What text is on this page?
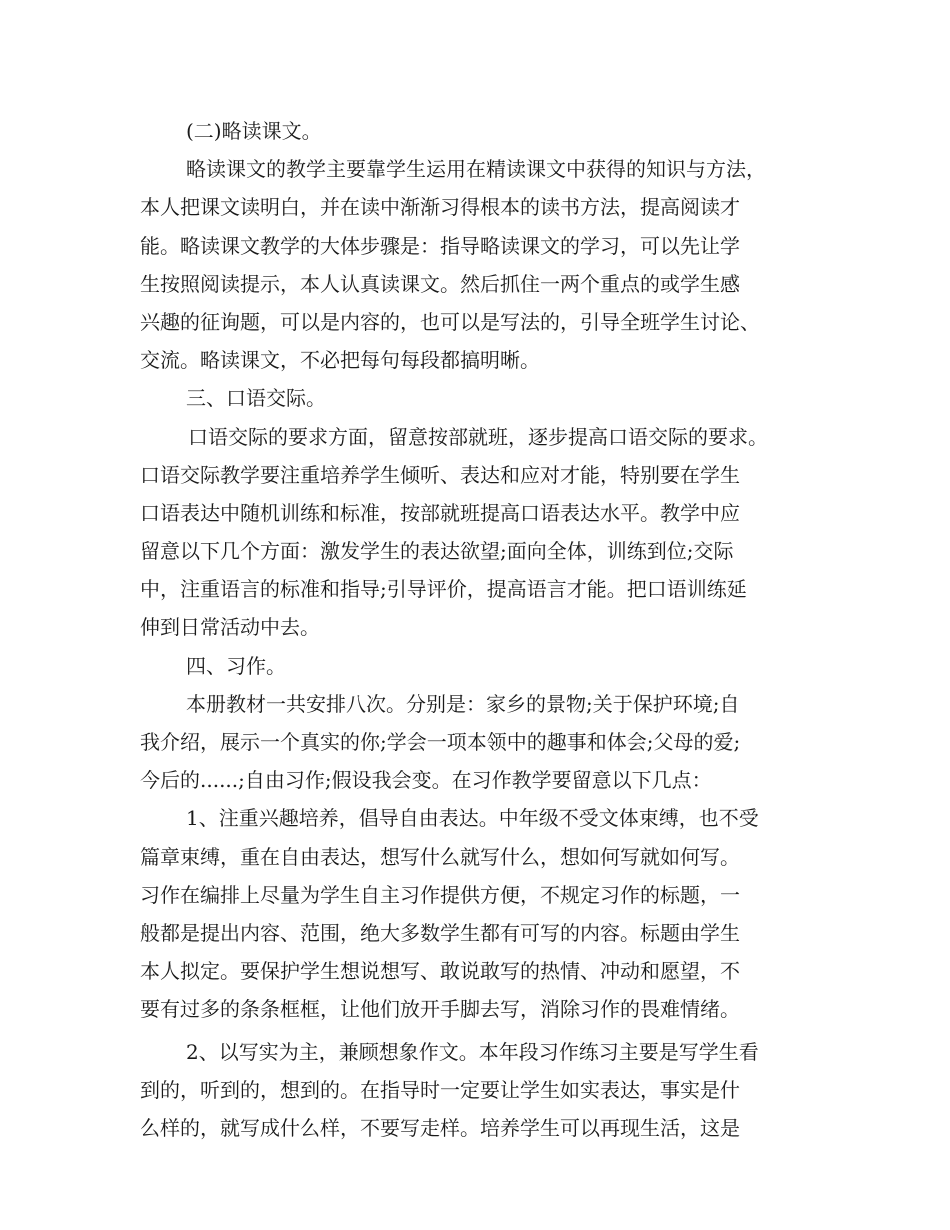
(二)略读课文。
略读课文的教学主要靠学生运用在精读课文中获得的知识与方法，
本人把课文读明白，并在读中渐渐习得根本的读书方法，提高阅读才
能。略读课文教学的大体步骤是：指导略读课文的学习，可以先让学
生按照阅读提示，本人认真读课文。然后抓住一两个重点的或学生感
兴趣的征询题，可以是内容的，也可以是写法的，引导全班学生讨论、
交流。略读课文，不必把每句每段都搞明晰。
三、口语交际。
口语交际的要求方面，留意按部就班，逐步提高口语交际的要求。
口语交际教学要注重培养学生倾听、表达和应对才能，特别要在学生
口语表达中随机训练和标准，按部就班提高口语表达水平。教学中应
留意以下几个方面：激发学生的表达欲望;面向全体，训练到位;交际
中，注重语言的标准和指导;引导评价，提高语言才能。把口语训练延
伸到日常活动中去。
四、习作。
本册教材一共安排八次。分别是：家乡的景物;关于保护环境;自
我介绍，展示一个真实的你;学会一项本领中的趣事和体会;父母的爱;
今后的......;自由习作;假设我会变。在习作教学要留意以下几点：
1、注重兴趣培养，倡导自由表达。中年级不受文体束缚，也不受
篇章束缚，重在自由表达，想写什么就写什么，想如何写就如何写。
习作在编排上尽量为学生自主习作提供方便，不规定习作的标题，一
般都是提出内容、范围，绝大多数学生都有可写的内容。标题由学生
本人拟定。要保护学生想说想写、敢说敢写的热情、冲动和愿望，不
要有过多的条条框框，让他们放开手脚去写，消除习作的畏难情绪。
2、以写实为主，兼顾想象作文。本年段习作练习主要是写学生看
到的，听到的，想到的。在指导时一定要让学生如实表达，事实是什
么样的，就写成什么样，不要写走样。培养学生可以再现生活，这是
